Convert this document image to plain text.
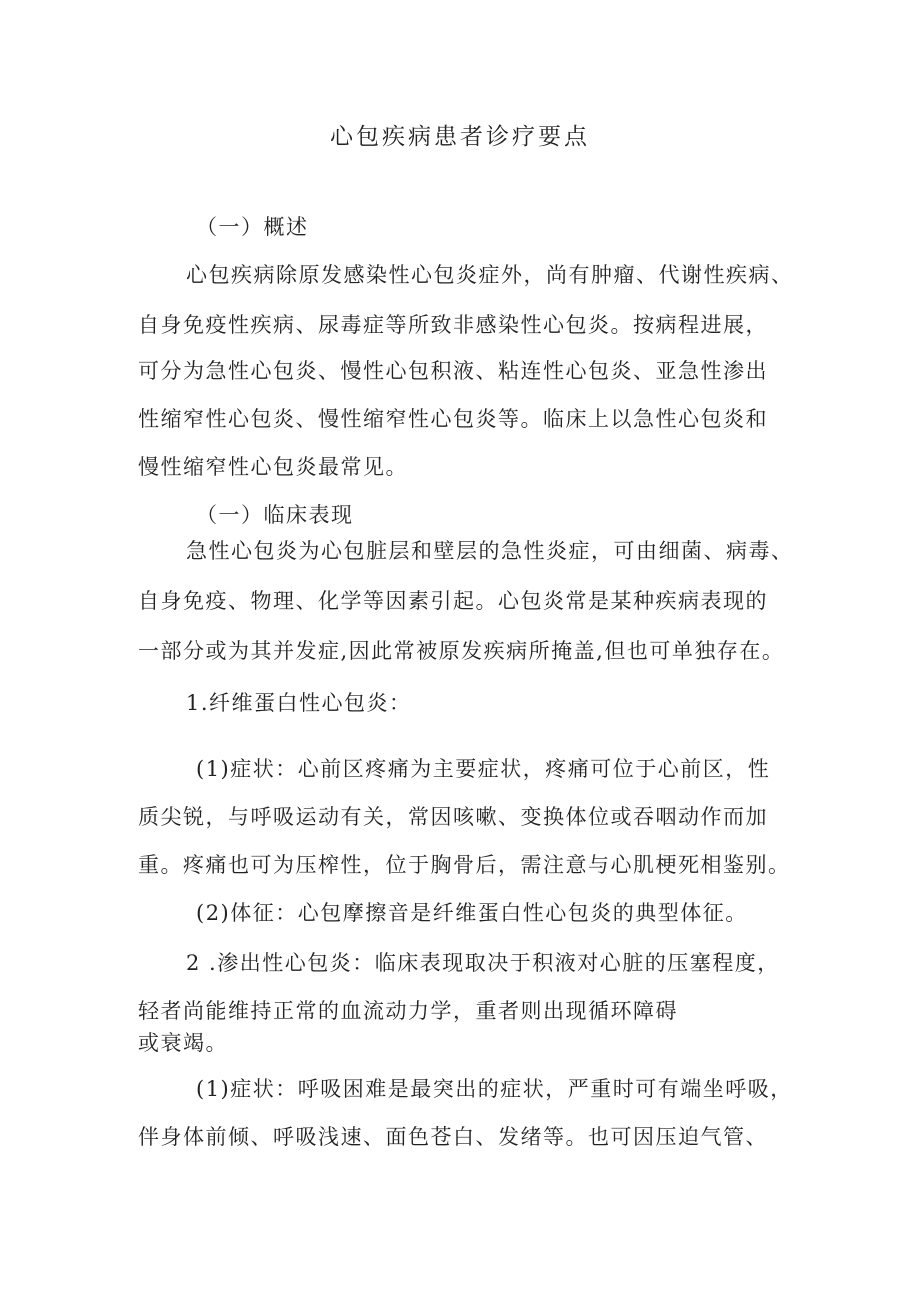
心包疾病患者诊疗要点
（一）概述
心包疾病除原发感染性心包炎症外，尚有肿瘤、代谢性疾病、
自身免疫性疾病、尿毒症等所致非感染性心包炎。按病程进展，
可分为急性心包炎、慢性心包积液、粘连性心包炎、亚急性渗出
性缩窄性心包炎、慢性缩窄性心包炎等。临床上以急性心包炎和
慢性缩窄性心包炎最常见。
（一）临床表现
急性心包炎为心包脏层和壁层的急性炎症，可由细菌、病毒、
自身免疫、物理、化学等因素引起。心包炎常是某种疾病表现的
一部分或为其并发症,因此常被原发疾病所掩盖,但也可单独存在。
1.纤维蛋白性心包炎：
(1)症状：心前区疼痛为主要症状，疼痛可位于心前区，性
质尖锐，与呼吸运动有关，常因咳嗽、变换体位或吞咽动作而加
重。疼痛也可为压榨性，位于胸骨后，需注意与心肌梗死相鉴别。
(2)体征：心包摩擦音是纤维蛋白性心包炎的典型体征。
2 .渗出性心包炎：临床表现取决于积液对心脏的压塞程度，
轻者尚能维持正常的血流动力学，重者则出现循环障碍
或衰竭。
(1)症状：呼吸困难是最突出的症状，严重时可有端坐呼吸，
伴身体前倾、呼吸浅速、面色苍白、发绪等。也可因压迫气管、
